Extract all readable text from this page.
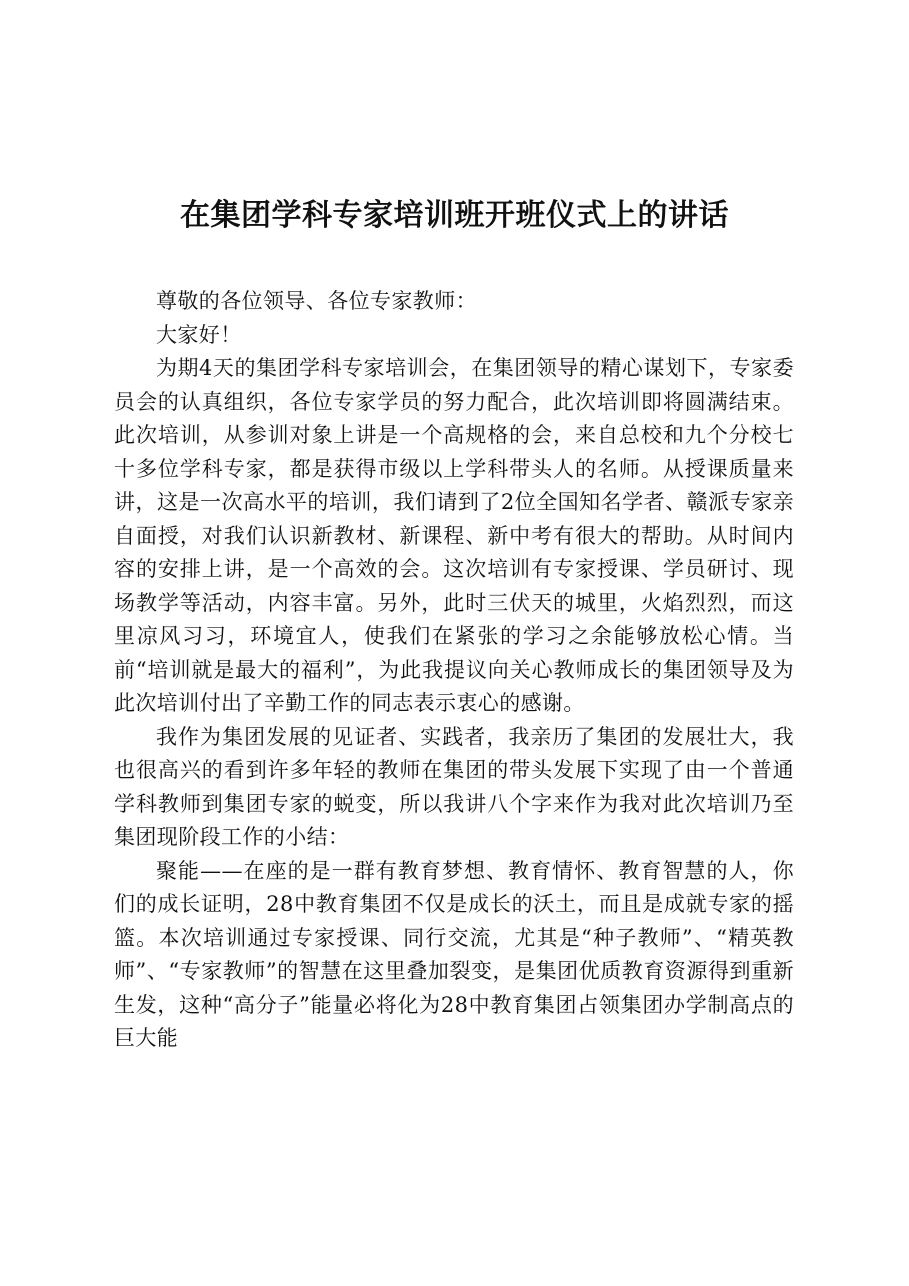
在集团学科专家培训班开班仪式上的讲话

尊敬的各位领导、各位专家教师：

大家好！

为期4天的集团学科专家培训会，在集团领导的精心谋划下，专家委员会的认真组织，各位专家学员的努力配合，此次培训即将圆满结束。此次培训，从参训对象上讲是一个高规格的会，来自总校和九个分校七十多位学科专家，都是获得市级以上学科带头人的名师。从授课质量来讲，这是一次高水平的培训，我们请到了2位全国知名学者、赣派专家亲自面授，对我们认识新教材、新课程、新中考有很大的帮助。从时间内容的安排上讲，是一个高效的会。这次培训有专家授课、学员研讨、现场教学等活动，内容丰富。另外，此时三伏天的城里，火焰烈烈，而这里凉风习习，环境宜人，使我们在紧张的学习之余能够放松心情。当前“培训就是最大的福利”，为此我提议向关心教师成长的集团领导及为此次培训付出了辛勤工作的同志表示衷心的感谢。

我作为集团发展的见证者、实践者，我亲历了集团的发展壮大，我也很高兴的看到许多年轻的教师在集团的带头发展下实现了由一个普通学科教师到集团专家的蜕变，所以我讲八个字来作为我对此次培训乃至集团现阶段工作的小结：

聚能——在座的是一群有教育梦想、教育情怀、教育智慧的人，你们的成长证明，28中教育集团不仅是成长的沃土，而且是成就专家的摇篮。本次培训通过专家授课、同行交流，尤其是“种子教师”、“精英教师”、“专家教师”的智慧在这里叠加裂变，是集团优质教育资源得到重新生发，这种“高分子”能量必将化为28中教育集团占领集团办学制高点的巨大能
